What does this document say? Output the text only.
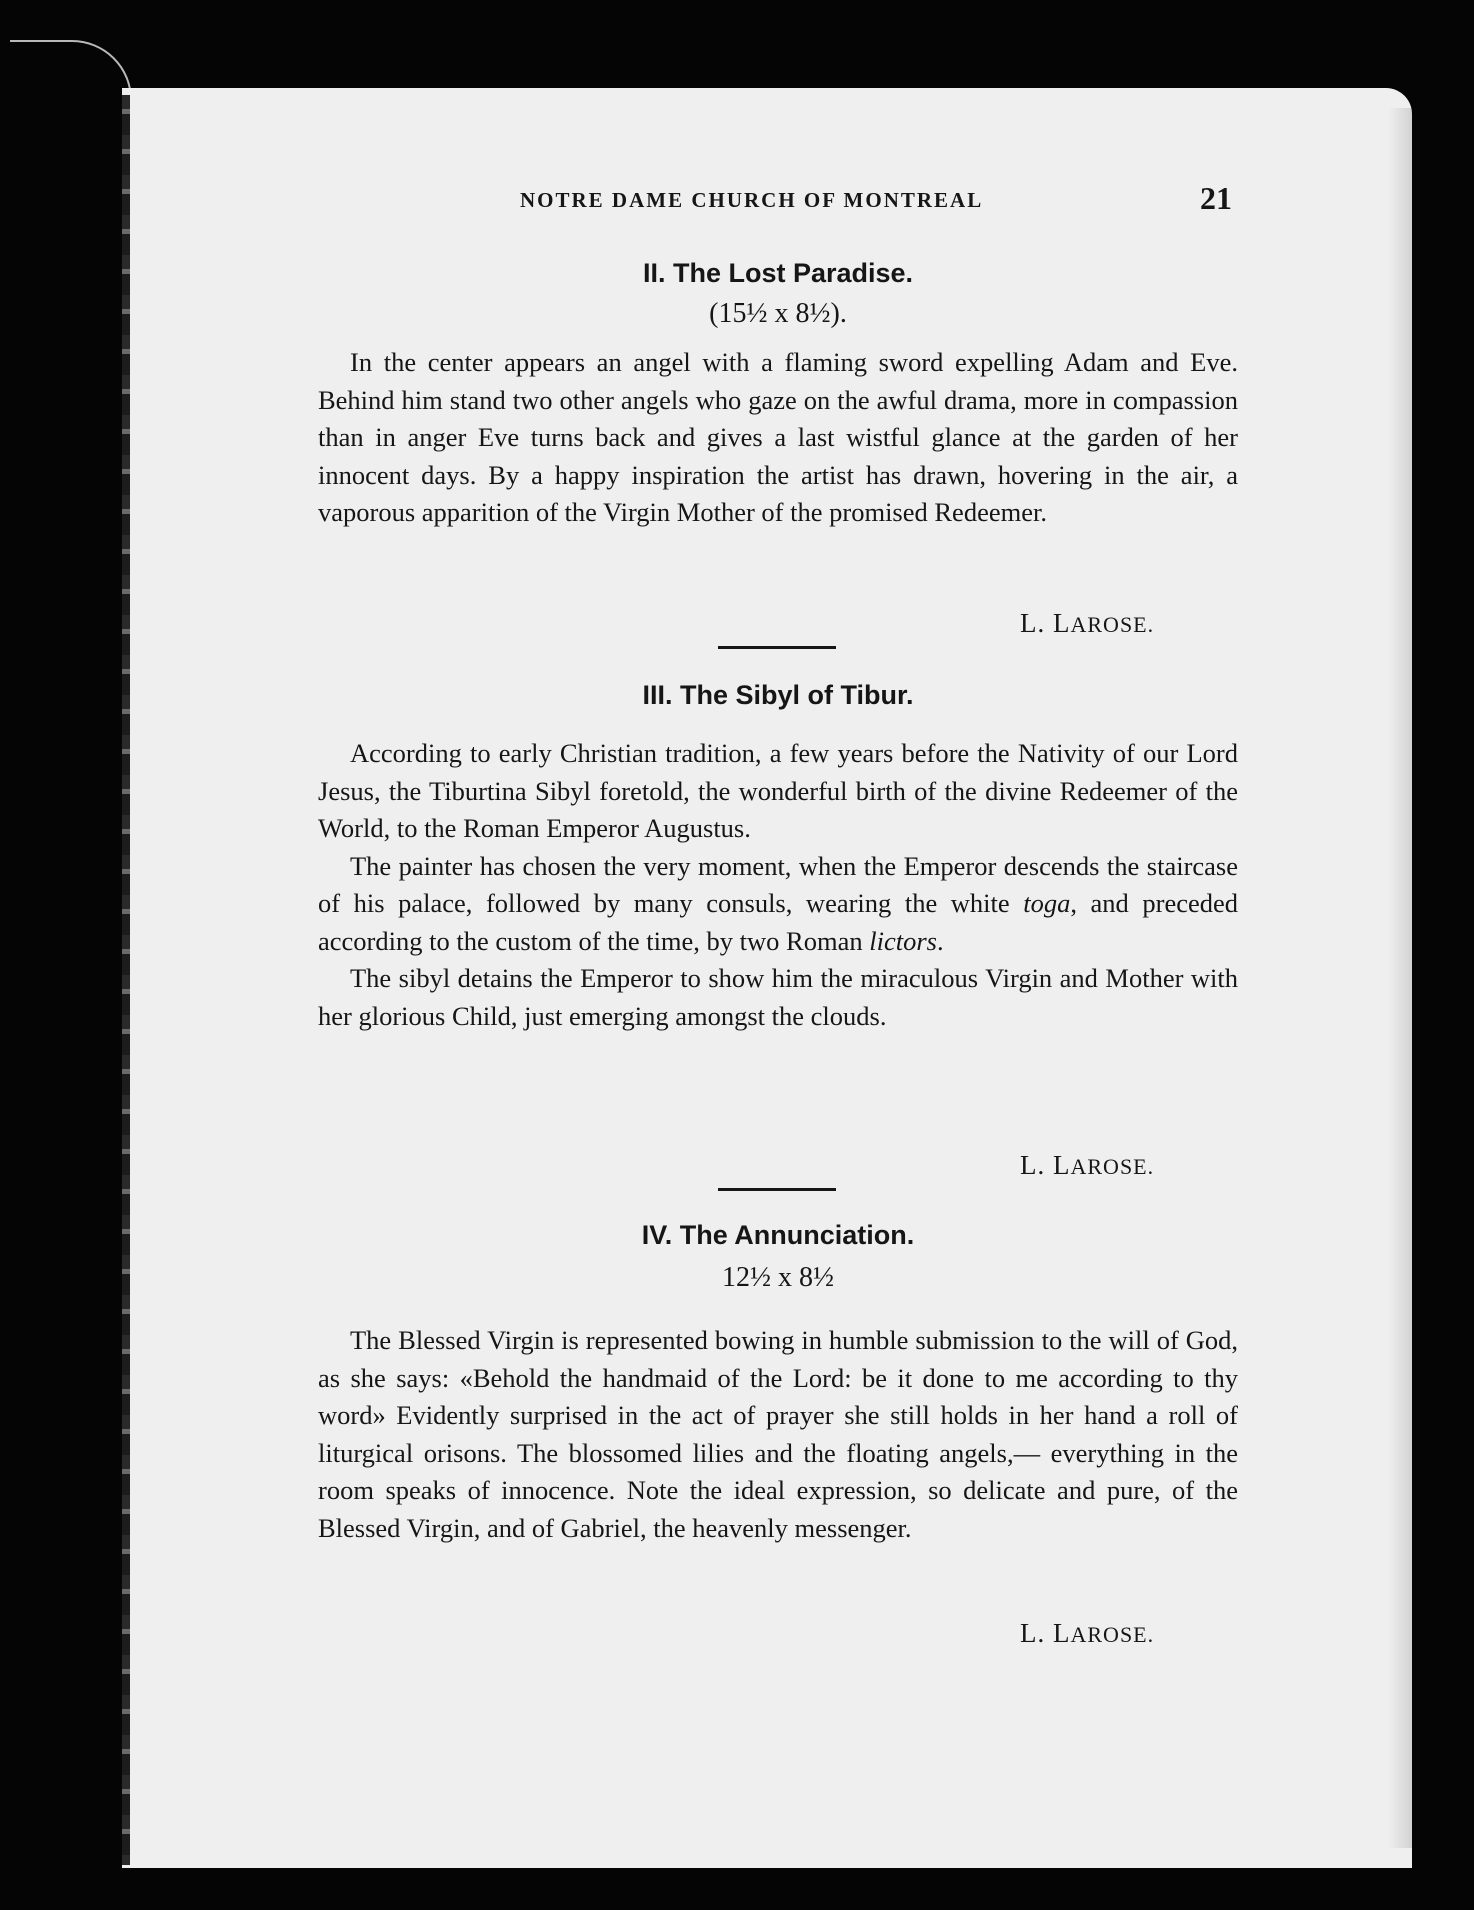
NOTRE DAME CHURCH OF MONTREAL	21
II. The Lost Paradise.
(15½ x 8½).

In the center appears an angel with a flaming sword expelling Adam and Eve. Behind him stand two other angels who gaze on the awful drama, more in compassion than in anger Eve turns back and gives a last wistful glance at the garden of her innocent days. By a happy inspiration the artist has drawn, hovering in the air, a vaporous apparition of the Virgin Mother of the promised Redeemer.

L. LAROSE.
III. The Sibyl of Tibur.

According to early Christian tradition, a few years before the Nativity of our Lord Jesus, the Tiburtina Sibyl foretold, the wonderful birth of the divine Redeemer of the World, to the Roman Emperor Augustus.

The painter has chosen the very moment, when the Emperor descends the staircase of his palace, followed by many consuls, wearing the white toga, and preceded according to the custom of the time, by two Roman lictors.

The sibyl detains the Emperor to show him the miraculous Virgin and Mother with her glorious Child, just emerging amongst the clouds.

L. LAROSE.
IV. The Annunciation.
12½ x 8½

The Blessed Virgin is represented bowing in humble submission to the will of God, as she says: «Behold the handmaid of the Lord: be it done to me according to thy word» Evidently surprised in the act of prayer she still holds in her hand a roll of liturgical orisons. The blossomed lilies and the floating angels,— everything in the room speaks of innocence. Note the ideal expression, so delicate and pure, of the Blessed Virgin, and of Gabriel, the heavenly messenger.

L. LAROSE.
